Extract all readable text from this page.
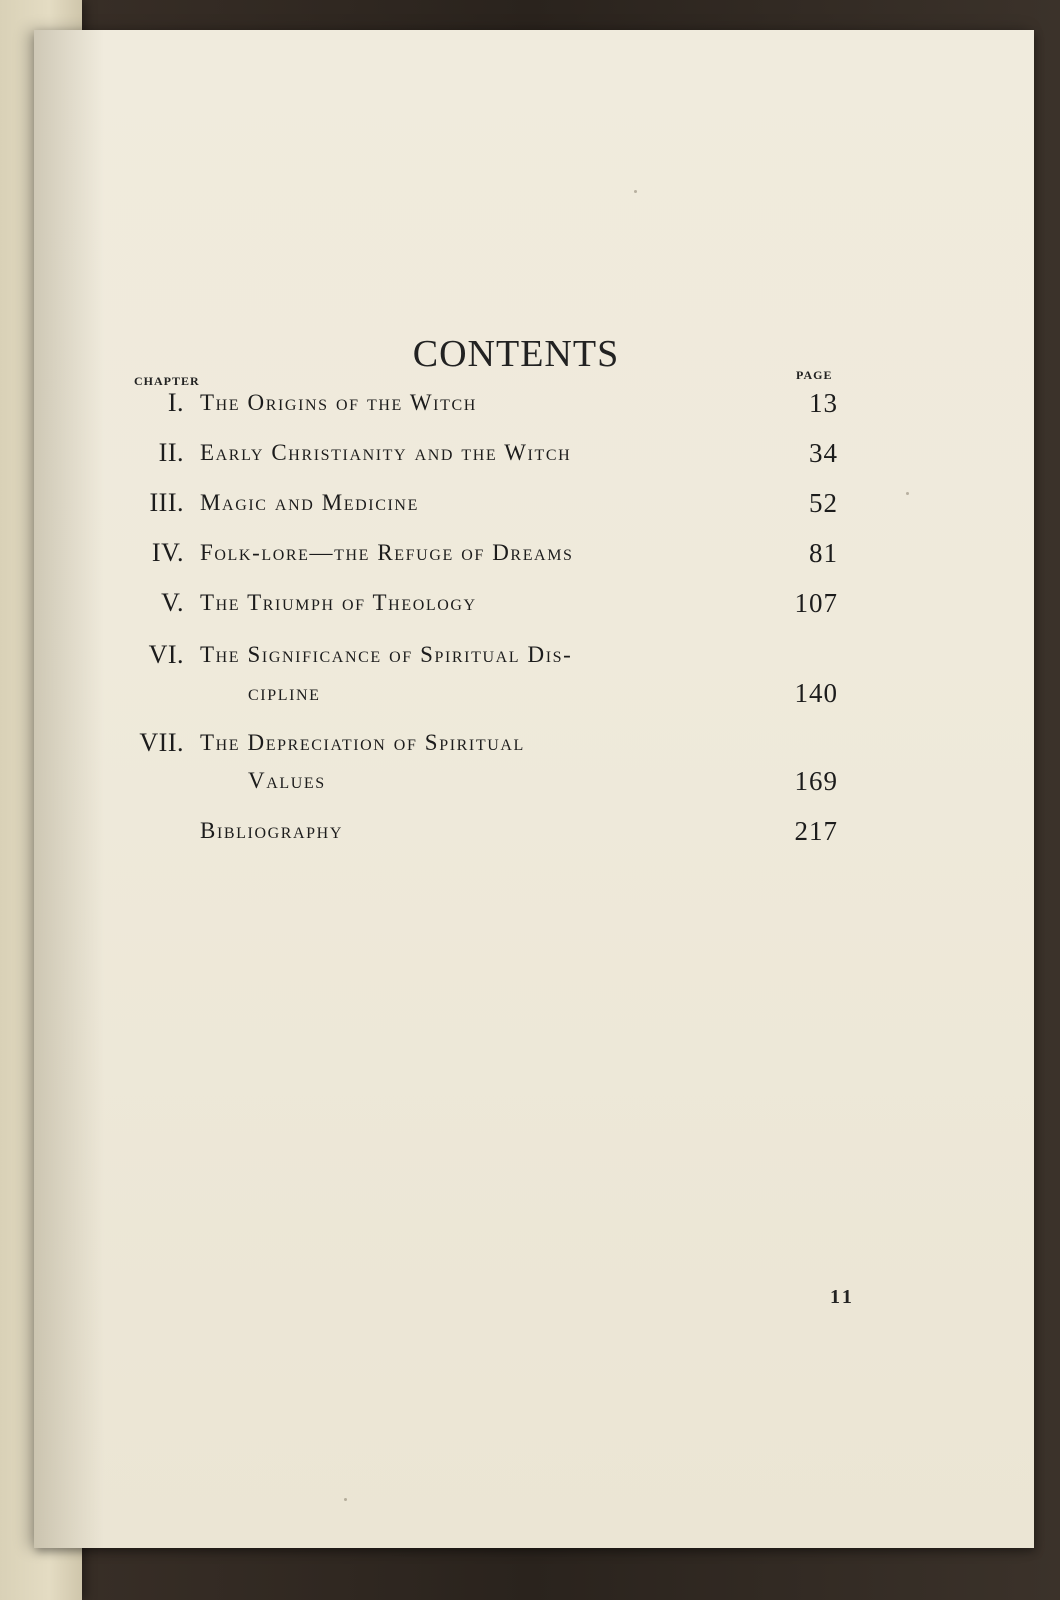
CONTENTS
CHAPTER	PAGE
I. The Origins of the Witch	13
II. Early Christianity and the Witch	34
III. Magic and Medicine	52
IV. Folk-lore—the Refuge of Dreams	81
V. The Triumph of Theology	107
VI. The Significance of Spiritual Dis-
cipline	140
VII. The Depreciation of Spiritual
Values	169
Bibliography	217
11
